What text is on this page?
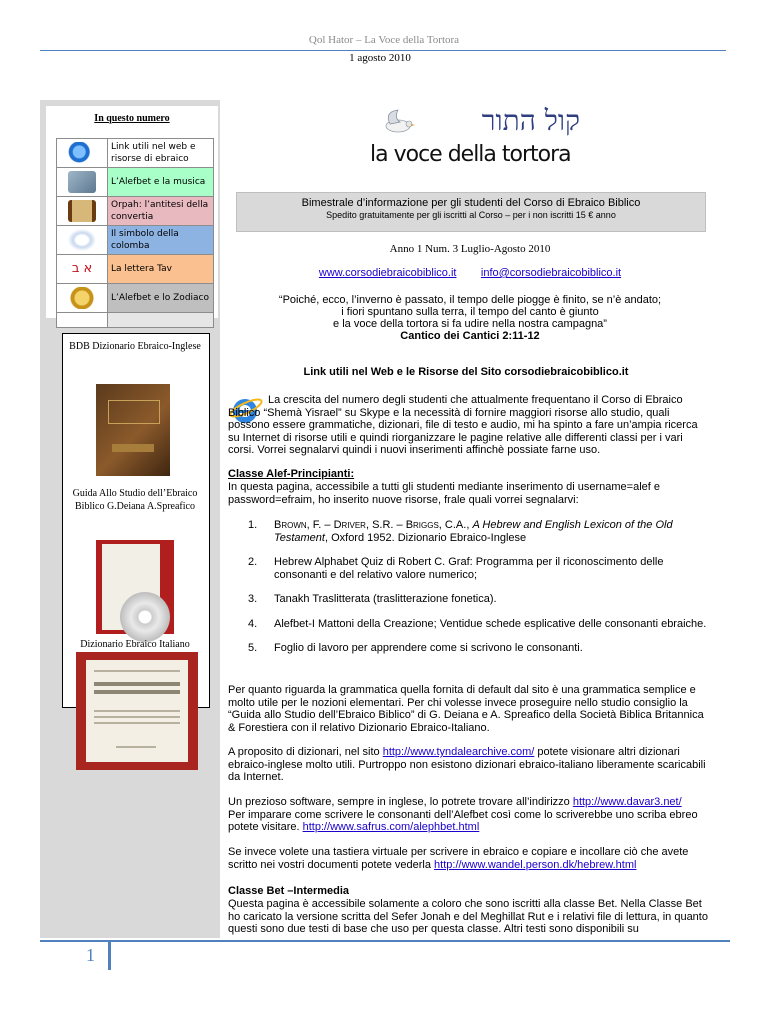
Qol Hator – La Voce della Tortora
1 agosto 2010
In questo numero
	Link utili nel web e risorse di ebraico
	L’Alefbet e la musica
	Orpah: l’antitesi della convertia
	Il simbolo della colomba
א ב	La lettera Tav
	L’Alefbet e lo Zodiaco

BDB Dizionario Ebraico-Inglese
Guida Allo Studio dell’Ebraico Biblico G.Deiana A.Spreafico
Dizionario Ebraico Italiano
קול התור
la voce della tortora
Bimestrale d’informazione per gli studenti del Corso di Ebraico Biblico
Spedito gratuitamente per gli iscritti al Corso – per i non iscritti 15 € anno
Anno 1 Num. 3 Luglio-Agosto 2010
www.corsodiebraicobiblico.it info@corsodiebraicobiblico.it
“Poiché, ecco, l’inverno è passato, il tempo delle piogge è finito, se n’è andato;
i fiori spuntano sulla terra, il tempo del canto è giunto
e la voce della tortora si fa udire nella nostra campagna”
Cantico dei Cantici 2:11-12
Link utili nel Web e le Risorse del Sito corsodiebraicobiblico.it
La crescita del numero degli studenti che attualmente frequentano il Corso di Ebraico Biblico “Shemà Yisrael” su Skype e la necessità di fornire maggiori risorse allo studio, quali possono essere grammatiche, dizionari, file di testo e audio, mi ha spinto a fare un’ampia ricerca su Internet di risorse utili e quindi riorganizzare le pagine relative alle differenti classi per i vari corsi. Vorrei segnalarvi quindi i nuovi inserimenti affinchè possiate farne uso.
Classe Alef-Principianti:
In questa pagina, accessibile a tutti gli studenti mediante inserimento di username=alef e password=efraim, ho inserito nuove risorse, frale quali vorrei segnalarvi:
1.	Brown, F. – Driver, S.R. – Briggs, C.A., A Hebrew and English Lexicon of the Old Testament, Oxford 1952. Dizionario Ebraico-Inglese
2.	Hebrew Alphabet Quiz di Robert C. Graf: Programma per il riconoscimento delle consonanti e del relativo valore numerico;
3.	Tanakh Traslitterata (traslitterazione fonetica).
4.	Alefbet-I Mattoni della Creazione; Ventidue schede esplicative delle consonanti ebraiche.
5.	Foglio di lavoro per apprendere come si scrivono le consonanti.
Per quanto riguarda la grammatica quella fornita di default dal sito è una grammatica semplice e molto utile per le nozioni elementari. Per chi volesse invece proseguire nello studio consiglio la “Guida allo Studio dell’Ebraico Biblico” di G. Deiana e A. Spreafico della Società Biblica Britannica & Forestiera con il relativo Dizionario Ebraico-Italiano.
A proposito di dizionari, nel sito http://www.tyndalearchive.com/ potete visionare altri dizionari ebraico-inglese molto utili. Purtroppo non esistono dizionari ebraico-italiano liberamente scaricabili da Internet.
Un prezioso software, sempre in inglese, lo potrete trovare all’indirizzo http://www.davar3.net/
Per imparare come scrivere le consonanti dell’Alefbet così come lo scriverebbe uno scriba ebreo potete visitare. http://www.safrus.com/alephbet.html
Se invece volete una tastiera virtuale per scrivere in ebraico e copiare e incollare ciò che avete scritto nei vostri documenti potete vederla http://www.wandel.person.dk/hebrew.html
Classe Bet –Intermedia
Questa pagina è accessibile solamente a coloro che sono iscritti alla classe Bet. Nella Classe Bet ho caricato la versione scritta del Sefer Jonah e del Meghillat Rut e i relativi file di lettura, in quanto questi sono due testi di base che uso per questa classe. Altri testi sono disponibili su
1
